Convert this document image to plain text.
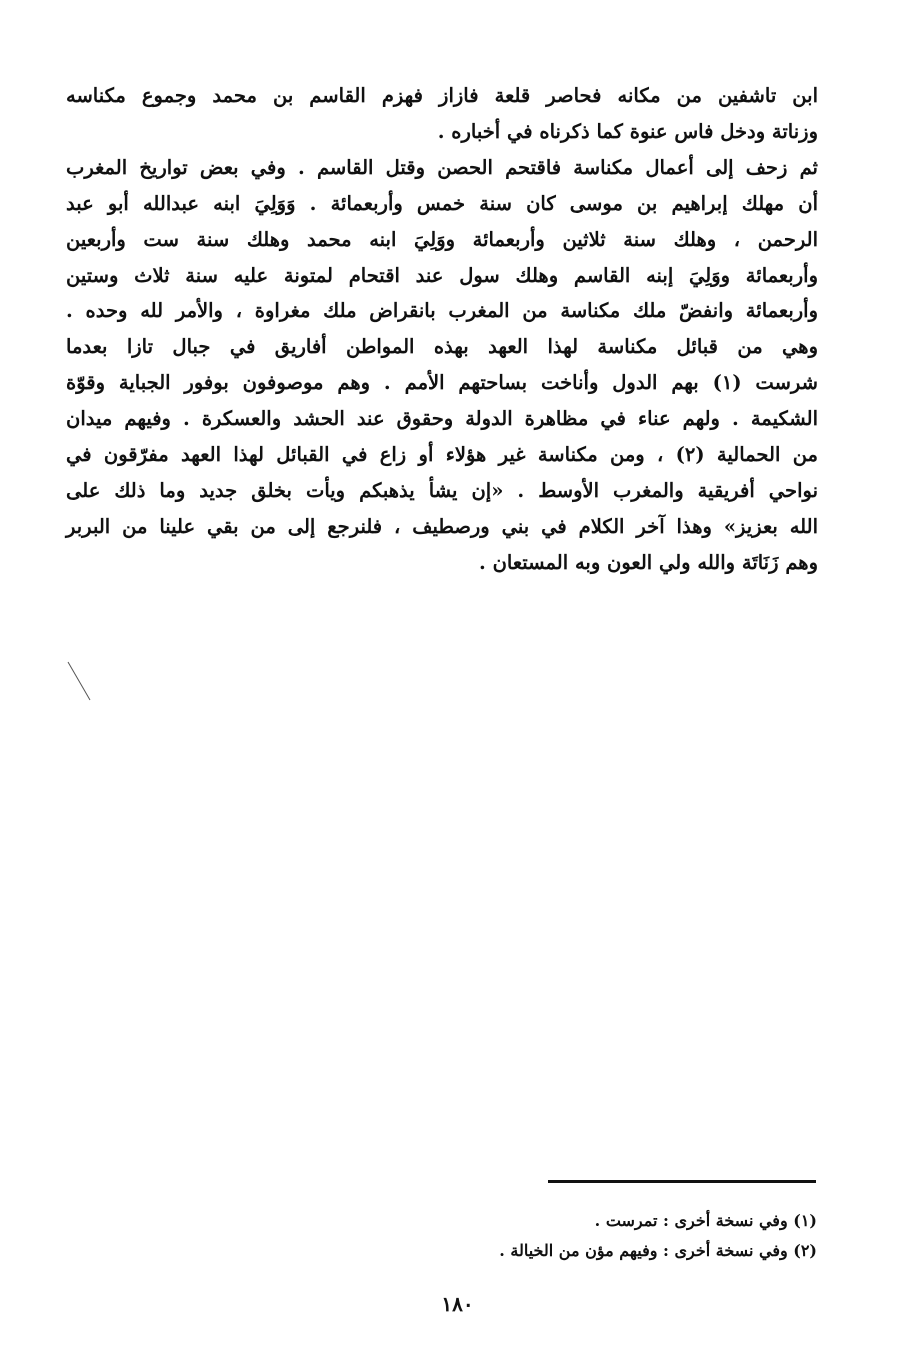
ابن تاشفين من مكانه فحاصر قلعة فازاز فهزم القاسم بن محمد وجموع مكناسه
وزناتة ودخل فاس عنوة كما ذكرناه في أخباره .
ثم زحف إلى أعمال مكناسة فاقتحم الحصن وقتل القاسم . وفي بعض تواريخ المغرب
أن مهلك إبراهيم بن موسى كان سنة خمس وأربعمائة . وَوَلِيَ ابنه عبدالله أبو عبد
الرحمن ، وهلك سنة ثلاثين وأربعمائة ووَلِيَ ابنه محمد وهلك سنة ست وأربعين
وأربعمائة ووَلِيَ إبنه القاسم وهلك سول عند اقتحام لمتونة عليه سنة ثلاث وستين
وأربعمائة وانفضّ ملك مكناسة من المغرب بانقراض ملك مغراوة ، والأمر لله وحده .
وهي من قبائل مكناسة لهذا العهد بهذه المواطن أفاريق في جبال تازا بعدما
شرست (١) بهم الدول وأناخت بساحتهم الأمم . وهم موصوفون بوفور الجباية وقوّة
الشكيمة . ولهم عناء في مظاهرة الدولة وحقوق عند الحشد والعسكرة . وفيهم ميدان
من الحمالية (٢) ، ومن مكناسة غير هؤلاء أو زاع في القبائل لهذا العهد مفرّقون في
نواحي أفريقية والمغرب الأوسط . «إن يشأ يذهبكم ويأت بخلق جديد وما ذلك على
الله بعزيز» وهذا آخر الكلام في بني ورصطيف ، فلنرجع إلى من بقي علينا من البربر
وهم زَنَاتَة والله ولي العون وبه المستعان .
(١) وفي نسخة أخرى : تمرست .
(٢) وفي نسخة أخرى : وفيهم مؤن من الخيالة .
١٨٠
